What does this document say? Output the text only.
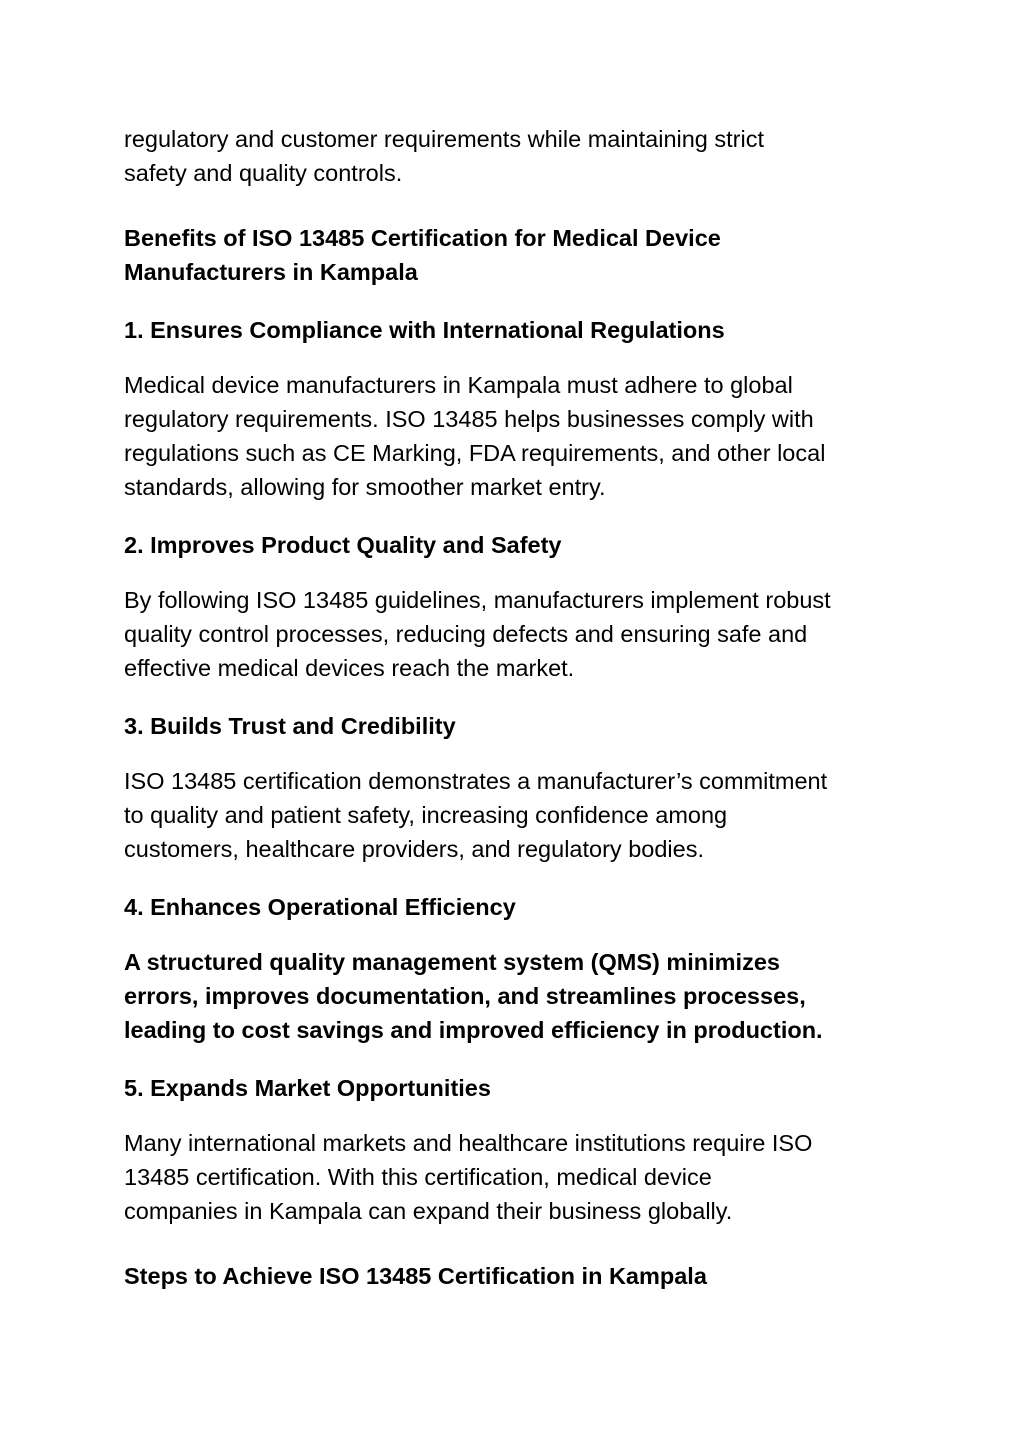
regulatory and customer requirements while maintaining strict
safety and quality controls.

Benefits of ISO 13485 Certification for Medical Device
Manufacturers in Kampala
1. Ensures Compliance with International Regulations

Medical device manufacturers in Kampala must adhere to global
regulatory requirements. ISO 13485 helps businesses comply with
regulations such as CE Marking, FDA requirements, and other local
standards, allowing for smoother market entry.

2. Improves Product Quality and Safety

By following ISO 13485 guidelines, manufacturers implement robust
quality control processes, reducing defects and ensuring safe and
effective medical devices reach the market.

3. Builds Trust and Credibility

ISO 13485 certification demonstrates a manufacturer’s commitment
to quality and patient safety, increasing confidence among
customers, healthcare providers, and regulatory bodies.

4. Enhances Operational Efficiency

A structured quality management system (QMS) minimizes
errors, improves documentation, and streamlines processes,
leading to cost savings and improved efficiency in production.

5. Expands Market Opportunities

Many international markets and healthcare institutions require ISO
13485 certification. With this certification, medical device
companies in Kampala can expand their business globally.

Steps to Achieve ISO 13485 Certification in Kampala
